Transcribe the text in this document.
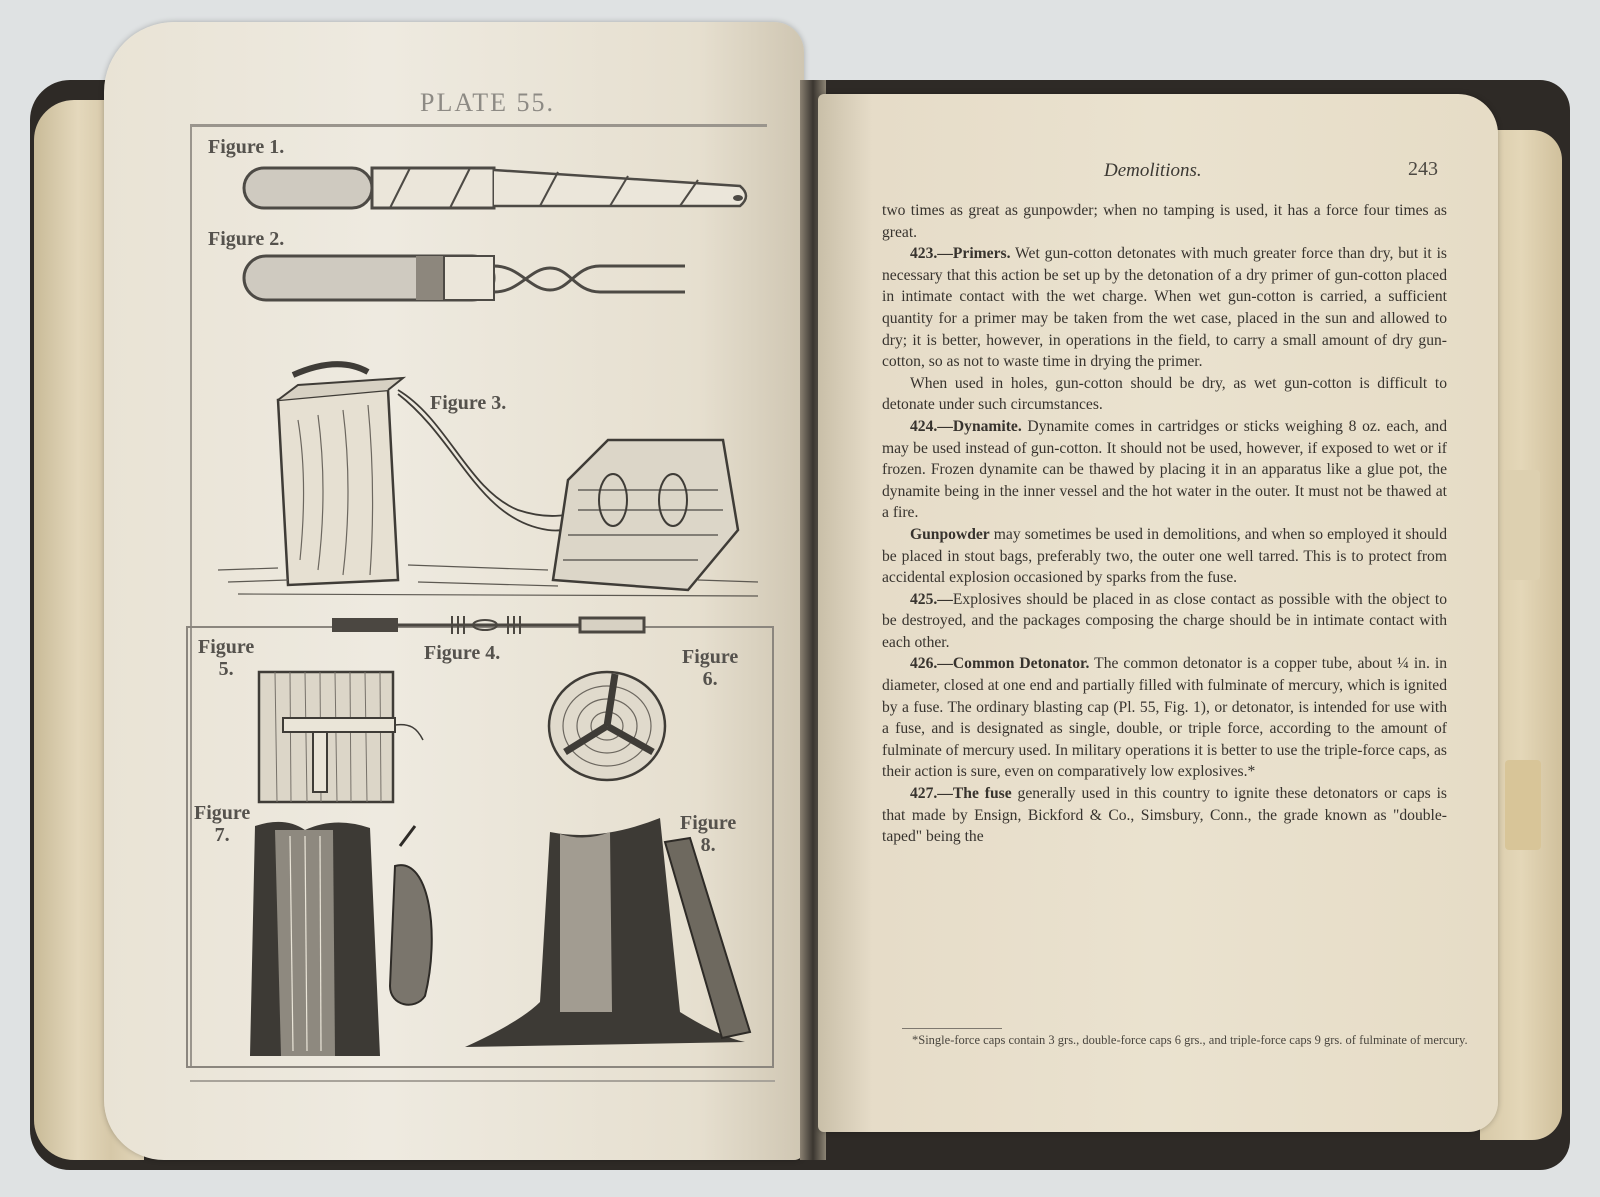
PLATE 55.
Figure 1.
Figure 2.
Figure 3.
Figure 4.
Figure
5.
Figure
6.
Figure
7.
Figure
8.
Demolitions.	243

two times as great as gunpowder; when no tamping is used, it has a force four times as great.

423.—Primers. Wet gun-cotton detonates with much greater force than dry, but it is necessary that this action be set up by the detonation of a dry primer of gun-cotton placed in intimate contact with the wet charge. When wet gun-cotton is carried, a sufficient quantity for a primer may be taken from the wet case, placed in the sun and allowed to dry; it is better, however, in operations in the field, to carry a small amount of dry gun-cotton, so as not to waste time in drying the primer.

When used in holes, gun-cotton should be dry, as wet gun-cotton is difficult to detonate under such circumstances.

424.—Dynamite. Dynamite comes in cartridges or sticks weighing 8 oz. each, and may be used instead of gun-cotton. It should not be used, however, if exposed to wet or if frozen. Frozen dynamite can be thawed by placing it in an apparatus like a glue pot, the dynamite being in the inner vessel and the hot water in the outer. It must not be thawed at a fire.

Gunpowder may sometimes be used in demolitions, and when so employed it should be placed in stout bags, preferably two, the outer one well tarred. This is to protect from accidental explosion occasioned by sparks from the fuse.

425.—Explosives should be placed in as close contact as possible with the object to be destroyed, and the packages composing the charge should be in intimate contact with each other.

426.—Common Detonator. The common detonator is a copper tube, about ¼ in. in diameter, closed at one end and partially filled with fulminate of mercury, which is ignited by a fuse. The ordinary blasting cap (Pl. 55, Fig. 1), or detonator, is intended for use with a fuse, and is designated as single, double, or triple force, according to the amount of fulminate of mercury used. In military operations it is better to use the triple-force caps, as their action is sure, even on comparatively low explosives.*

427.—The fuse generally used in this country to ignite these detonators or caps is that made by Ensign, Bickford & Co., Simsbury, Conn., the grade known as "double-taped" being the

*Single-force caps contain 3 grs., double-force caps 6 grs., and triple-force caps 9 grs. of fulminate of mercury.
